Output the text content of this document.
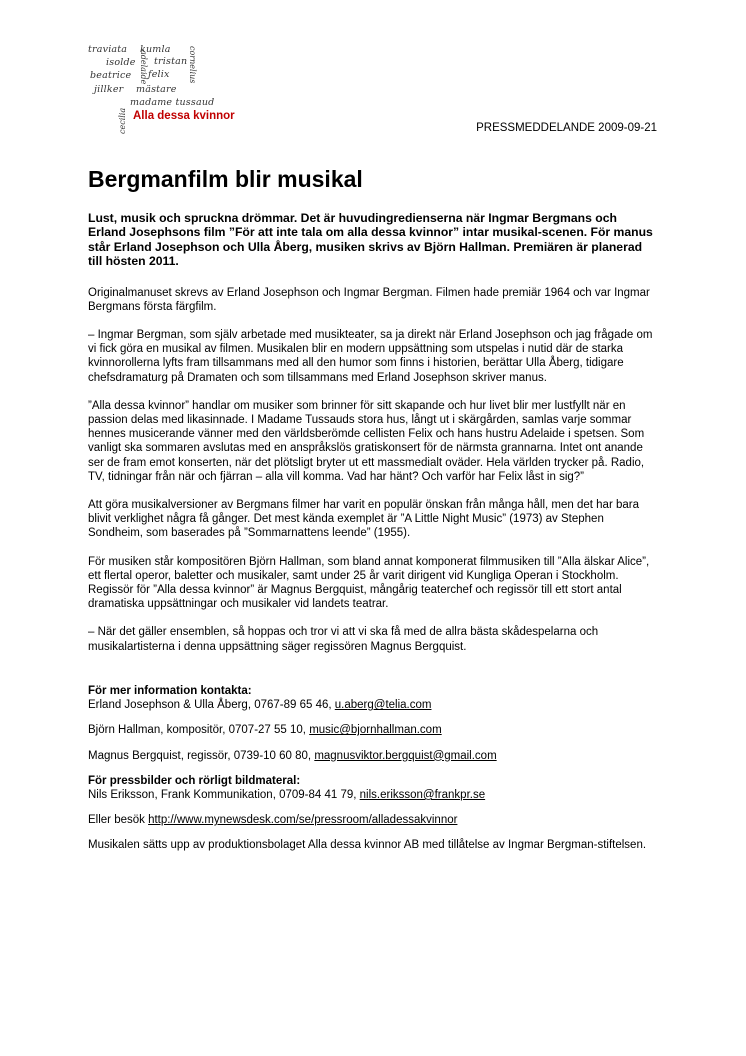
traviata kumla
isolde tristan
beatrice felix
adelaide	cornelius
jillker mästare
cecilia
madame tussaud
Alla dessa kvinnor
PRESSMEDDELANDE 2009-09-21
Bergmanfilm blir musikal

Lust, musik och spruckna drömmar. Det är huvudingredienserna när Ingmar Bergmans och Erland Josephsons film ”För att inte tala om alla dessa kvinnor” intar musikal-scenen. För manus står Erland Josephson och Ulla Åberg, musiken skrivs av Björn Hallman. Premiären är planerad till hösten 2011.

Originalmanuset skrevs av Erland Josephson och Ingmar Bergman. Filmen hade premiär 1964 och var Ingmar Bergmans första färgfilm.

– Ingmar Bergman, som själv arbetade med musikteater, sa ja direkt när Erland Josephson och jag frågade om vi fick göra en musikal av filmen. Musikalen blir en modern uppsättning som utspelas i nutid där de starka kvinnorollerna lyfts fram tillsammans med all den humor som finns i historien, berättar Ulla Åberg, tidigare chefsdramaturg på Dramaten och som tillsammans med Erland Josephson skriver manus.

”Alla dessa kvinnor” handlar om musiker som brinner för sitt skapande och hur livet blir mer lustfyllt när en passion delas med likasinnade. I Madame Tussauds stora hus, långt ut i skärgården, samlas varje sommar hennes musicerande vänner med den världsberömde cellisten Felix och hans hustru Adelaide i spetsen. Som vanligt ska sommaren avslutas med en anspråkslös gratiskonsert för de närmsta grannarna. Intet ont anande ser de fram emot konserten, när det plötsligt bryter ut ett massmedialt oväder. Hela världen trycker på. Radio, TV, tidningar från när och fjärran – alla vill komma. Vad har hänt? Och varför har Felix låst in sig?”

Att göra musikalversioner av Bergmans filmer har varit en populär önskan från många håll, men det har bara blivit verklighet några få gånger. Det mest kända exemplet är ”A Little Night Music” (1973) av Stephen Sondheim, som baserades på ”Sommarnattens leende” (1955).

För musiken står kompositören Björn Hallman, som bland annat komponerat filmmusiken till ”Alla älskar Alice”, ett flertal operor, baletter och musikaler, samt under 25 år varit dirigent vid Kungliga Operan i Stockholm. Regissör för ”Alla dessa kvinnor” är Magnus Bergquist, mångårig teaterchef och regissör till ett stort antal dramatiska uppsättningar och musikaler vid landets teatrar.

– När det gäller ensemblen, så hoppas och tror vi att vi ska få med de allra bästa skådespelarna och musikalartisterna i denna uppsättning säger regissören Magnus Bergquist.

För mer information kontakta:
Erland Josephson & Ulla Åberg, 0767-89 65 46, u.aberg@telia.com

Björn Hallman, kompositör, 0707-27 55 10, music@bjornhallman.com

Magnus Bergquist, regissör, 0739-10 60 80, magnusviktor.bergquist@gmail.com

För pressbilder och rörligt bildmateral:
Nils Eriksson, Frank Kommunikation, 0709-84 41 79, nils.eriksson@frankpr.se

Eller besök http://www.mynewsdesk.com/se/pressroom/alladessakvinnor

Musikalen sätts upp av produktionsbolaget Alla dessa kvinnor AB med tillåtelse av Ingmar Bergman-stiftelsen.
